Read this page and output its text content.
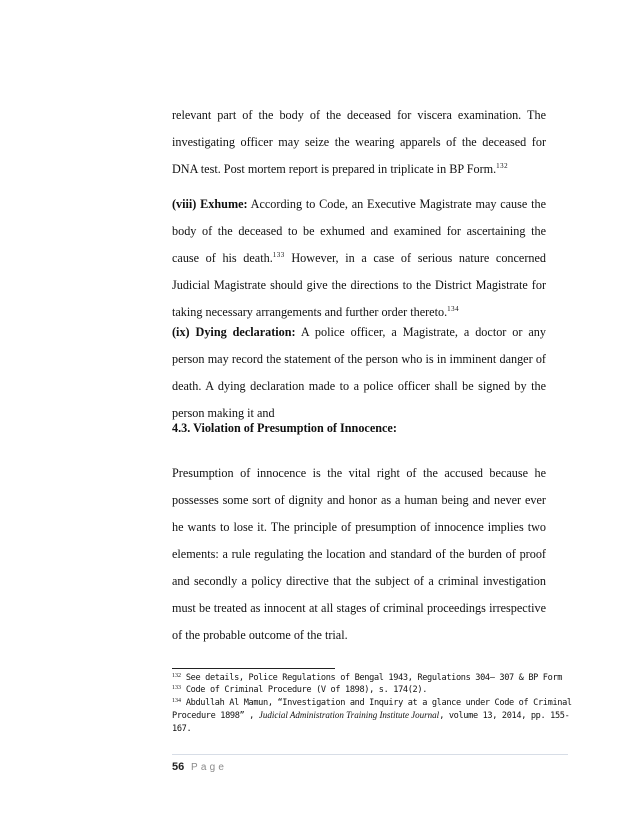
relevant part of the body of the deceased for viscera examination. The investigating officer may seize the wearing apparels of the deceased for DNA test. Post mortem report is prepared in triplicate in BP Form.$^{132}$

(viii) Exhume: According to Code, an Executive Magistrate may cause the body of the deceased to be exhumed and examined for ascertaining the cause of his death.$^{133}$ However, in a case of serious nature concerned Judicial Magistrate should give the directions to the District Magistrate for taking necessary arrangements and further order thereto.$^{134}$

(ix) Dying declaration: A police officer, a Magistrate, a doctor or any person may record the statement of the person who is in imminent danger of death. A dying declaration made to a police officer shall be signed by the person making it and

4.3. Violation of Presumption of Innocence:

Presumption of innocence is the vital right of the accused because he possesses some sort of dignity and honor as a human being and never ever he wants to lose it. The principle of presumption of innocence implies two elements: a rule regulating the location and standard of the burden of proof and secondly a policy directive that the subject of a criminal investigation must be treated as innocent at all stages of criminal proceedings irrespective of the probable outcome of the trial.

$^{132}$ See details, Police Regulations of Bengal 1943, Regulations 304— 307 & BP Form
$^{133}$ Code of Criminal Procedure (V of 1898), s. 174(2).
$^{134}$ Abdullah Al Mamun, “Investigation and Inquiry at a glance under Code of Criminal Procedure 1898” , Judicial Administration Training Institute Journal, volume 13, 2014, pp. 155- 167.
56 Page
